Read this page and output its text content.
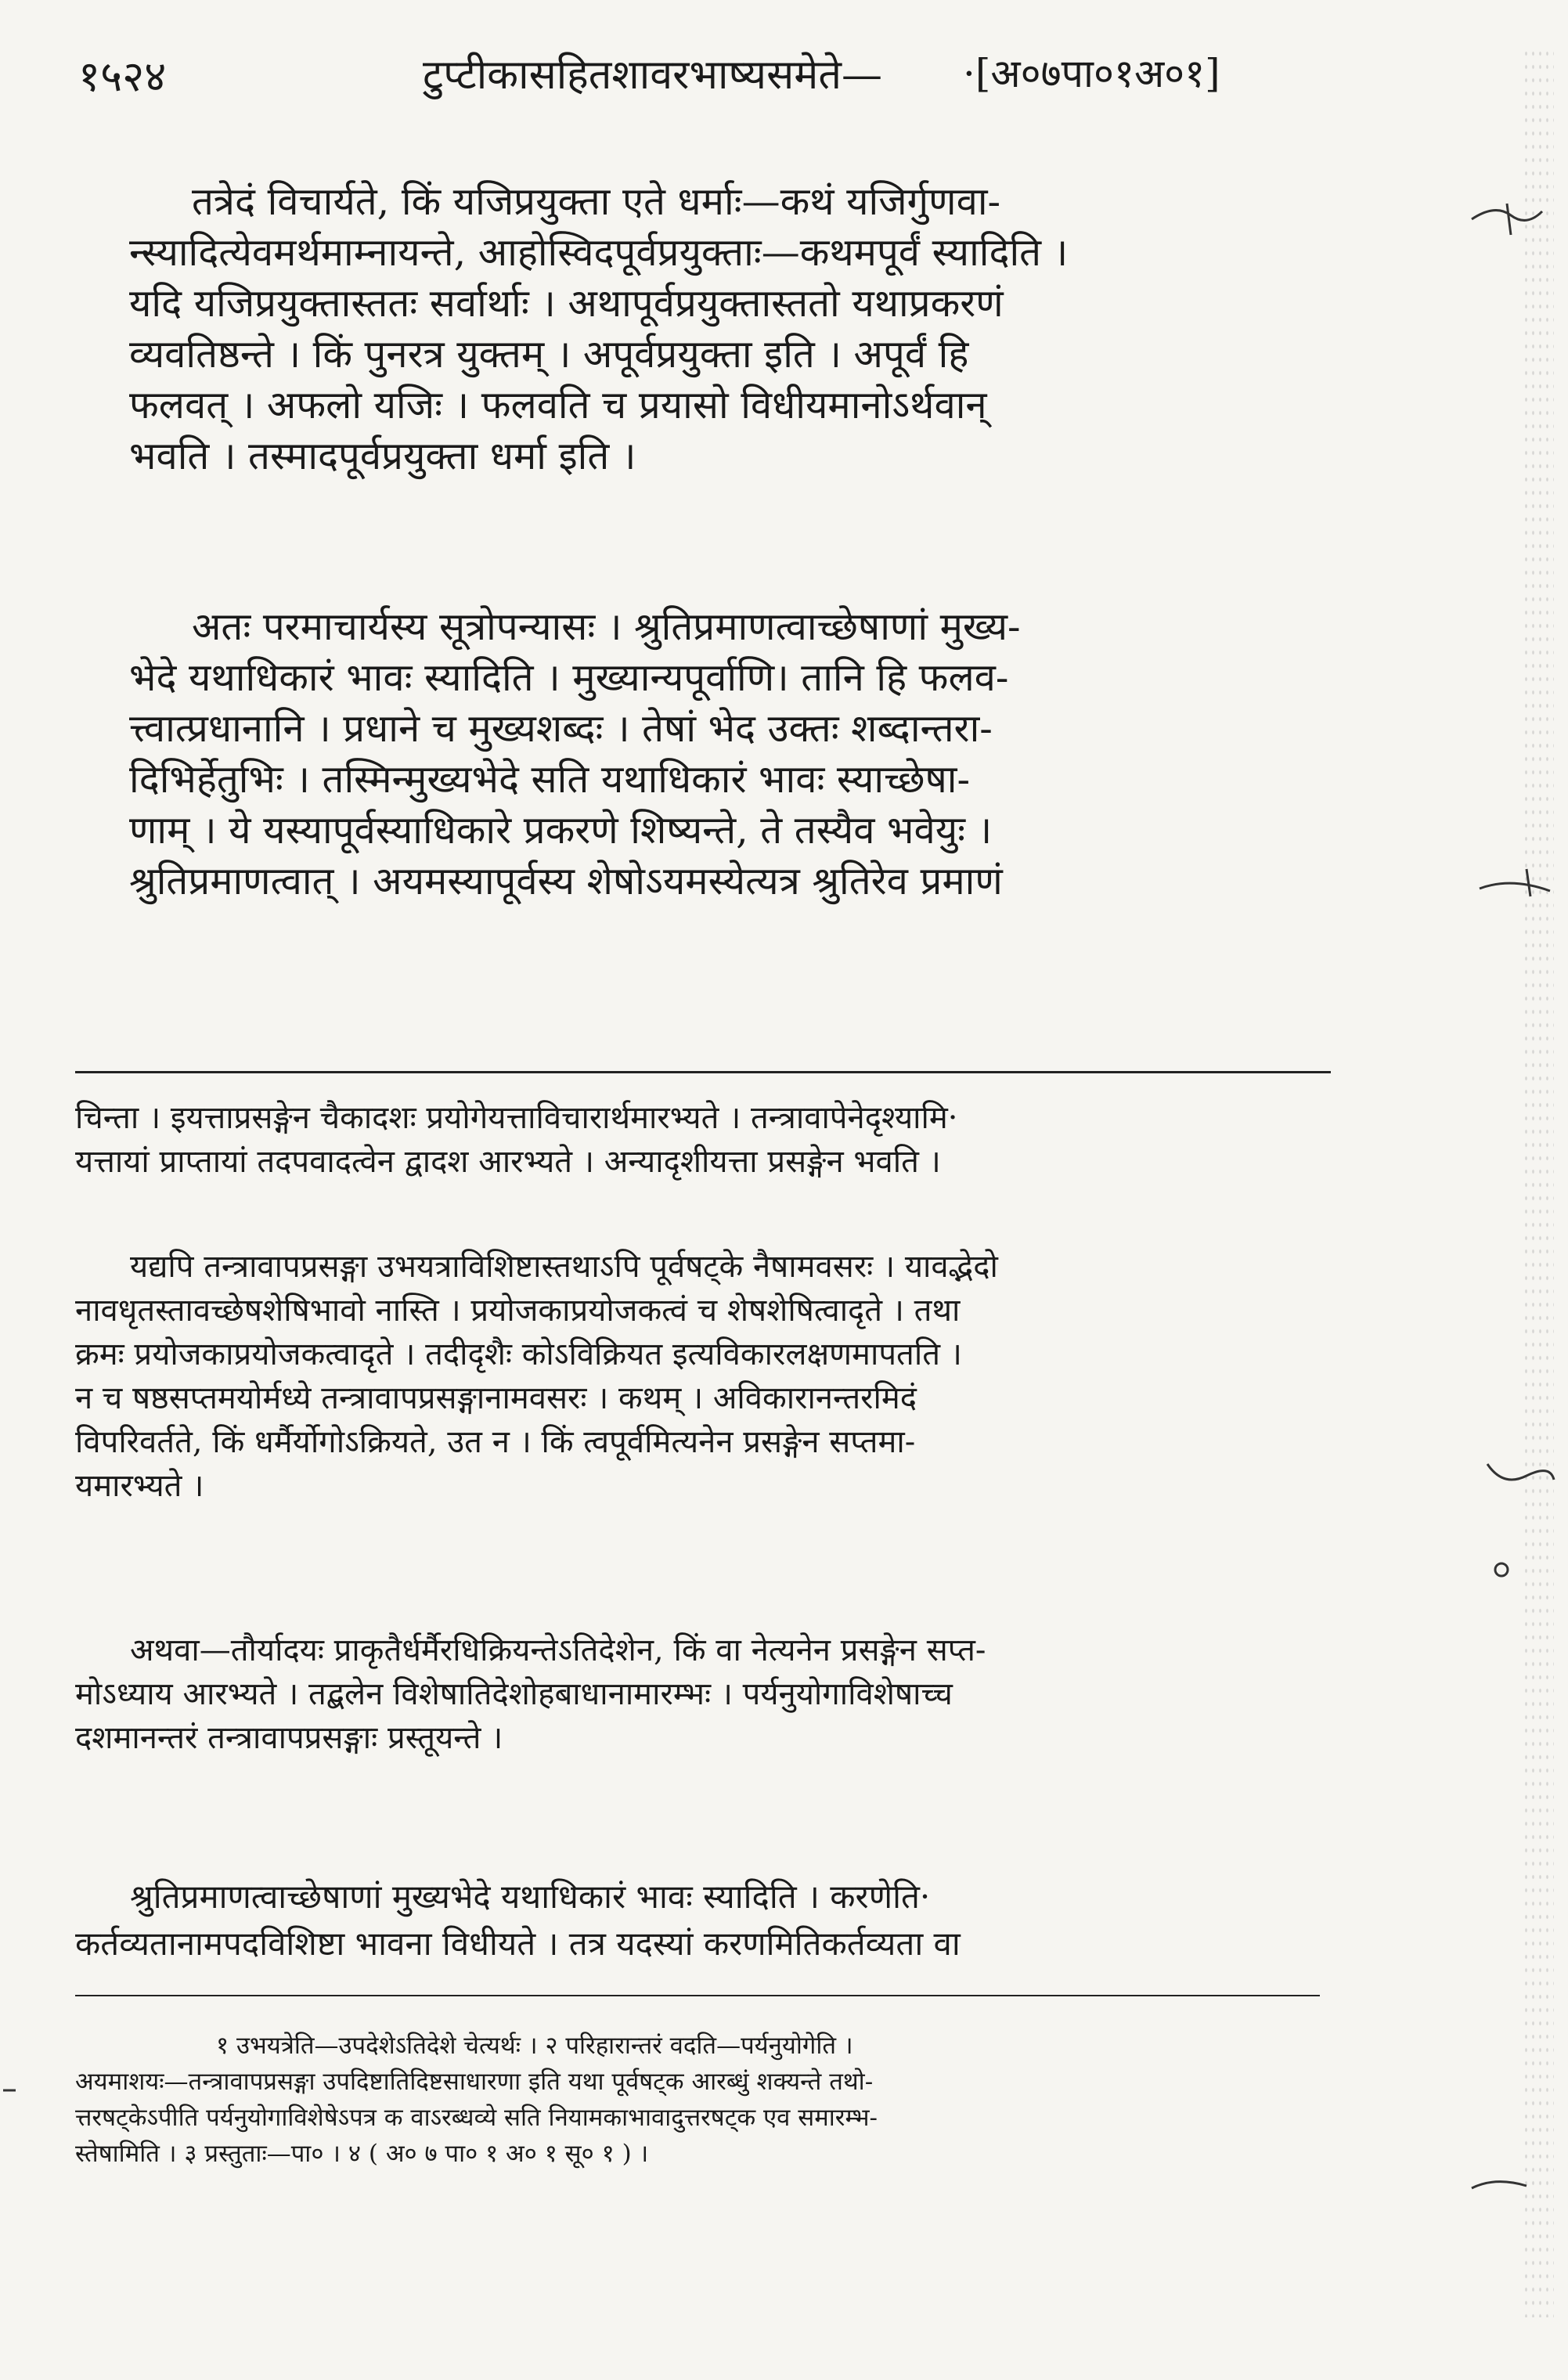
१५२४	टुप्टीकासहितशावरभाष्यसमेते— ·[अ०७पा०१अ०१]
तत्रेदं विचार्यते, किं यजिप्रयुक्ता एते धर्माः—कथं यजिर्गुणवा-
न्स्यादित्येवमर्थमाम्नायन्ते, आहोस्विदपूर्वप्रयुक्ताः—कथमपूर्वं स्यादिति ।
यदि यजिप्रयुक्तास्ततः सर्वार्थाः । अथापूर्वप्रयुक्तास्ततो यथाप्रकरणं
व्यवतिष्ठन्ते । किं पुनरत्र युक्तम् । अपूर्वप्रयुक्ता इति । अपूर्वं हि
फलवत् । अफलो यजिः । फलवति च प्रयासो विधीयमानोऽर्थवान्
भवति । तस्मादपूर्वप्रयुक्ता धर्मा इति ।
अतः परमाचार्यस्य सूत्रोपन्यासः । श्रुतिप्रमाणत्वाच्छेषाणां मुख्य-
भेदे यथाधिकारं भावः स्यादिति । मुख्यान्यपूर्वाणि। तानि हि फलव-
त्त्वात्प्रधानानि । प्रधाने च मुख्यशब्दः । तेषां भेद उक्तः शब्दान्तरा-
दिभिर्हेतुभिः । तस्मिन्मुख्यभेदे सति यथाधिकारं भावः स्याच्छेषा-
णाम् । ये यस्यापूर्वस्याधिकारे प्रकरणे शिष्यन्ते, ते तस्यैव भवेयुः ।
श्रुतिप्रमाणत्वात् । अयमस्यापूर्वस्य शेषोऽयमस्येत्यत्र श्रुतिरेव प्रमाणं
चिन्ता । इयत्ताप्रसङ्गेन चैकादशः प्रयोगेयत्ताविचारार्थमारभ्यते । तन्त्रावापेनेदृश्यामि·
यत्तायां प्राप्तायां तदपवादत्वेन द्वादश आरभ्यते । अन्यादृशीयत्ता प्रसङ्गेन भवति ।
यद्यपि तन्त्रावापप्रसङ्गा उभयत्राविशिष्टास्तथाऽपि पूर्वषट्के नैषामवसरः । यावद्भेदो
नावधृतस्तावच्छेषशेषिभावो नास्ति । प्रयोजकाप्रयोजकत्वं च शेषशेषित्वादृते । तथा
क्रमः प्रयोजकाप्रयोजकत्वादृते । तदीदृशैः कोऽविक्रियत इत्यविकारलक्षणमापतति ।
न च षष्ठसप्तमयोर्मध्ये तन्त्रावापप्रसङ्गानामवसरः । कथम् । अविकारानन्तरमिदं
विपरिवर्तते, किं धर्मैर्योगोऽक्रियते, उत न । किं त्वपूर्वमित्यनेन प्रसङ्गेन सप्तमा-
यमारभ्यते ।
अथवा—तौर्यादयः प्राकृतैर्धर्मैरधिक्रियन्तेऽतिदेशेन, किं वा नेत्यनेन प्रसङ्गेन सप्त-
मोऽध्याय आरभ्यते । तद्बलेन विशेषातिदेशोहबाधानामारम्भः । पर्यनुयोगाविशेषाच्च
दशमानन्तरं तन्त्रावापप्रसङ्गाः प्रस्तूयन्ते ।
श्रुतिप्रमाणत्वाच्छेषाणां मुख्यभेदे यथाधिकारं भावः स्यादिति । करणेति·
कर्तव्यतानामपदविशिष्टा भावना विधीयते । तत्र यदस्यां करणमितिकर्तव्यता वा
१ उभयत्रेति—उपदेशेऽतिदेशे चेत्यर्थः । २ परिहारान्तरं वदति—पर्यनुयोगेति ।
अयमाशयः—तन्त्रावापप्रसङ्गा उपदिष्टातिदिष्टसाधारणा इति यथा पूर्वषट्क आरब्धुं शक्यन्ते तथो-
त्तरषट्केऽपीति पर्यनुयोगाविशेषेऽपत्र क वाऽरब्धव्ये सति नियामकाभावादुत्तरषट्क एव समारम्भ-
स्तेषामिति । ३ प्रस्तुताः—पा० । ४ ( अ० ७ पा० १ अ० १ सू० १ ) ।
